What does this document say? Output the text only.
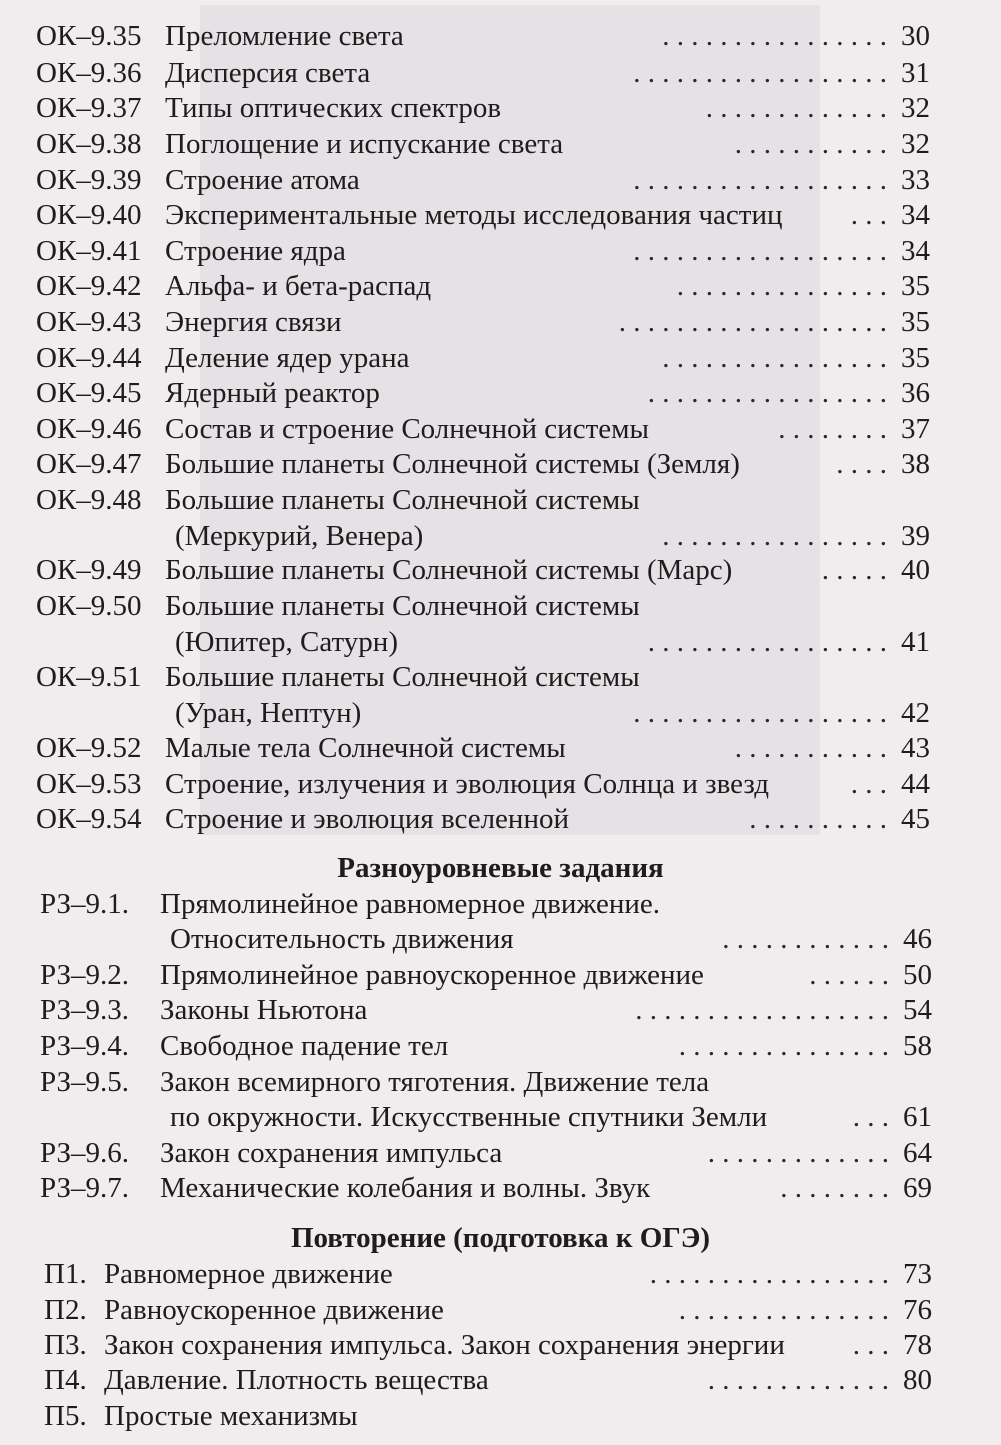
ОК–9.35 Преломление света	30
. . . . . . . . . . . . . . . .
ОК–9.36 Дисперсия света	31
. . . . . . . . . . . . . . . . . .
ОК–9.37 Типы оптических спектров	32
. . . . . . . . . . . . .
ОК–9.38 Поглощение и испускание света	32
. . . . . . . . . . .
ОК–9.39 Строение атома	33
. . . . . . . . . . . . . . . . . .
ОК–9.40 Экспериментальные методы исследования частиц	34
. . .
ОК–9.41 Строение ядра	34
. . . . . . . . . . . . . . . . . .
ОК–9.42 Альфа- и бета-распад	35
. . . . . . . . . . . . . . .
ОК–9.43 Энергия связи	35
. . . . . . . . . . . . . . . . . . .
ОК–9.44 Деление ядер урана	35
. . . . . . . . . . . . . . . .
ОК–9.45 Ядерный реактор	36
. . . . . . . . . . . . . . . . .
ОК–9.46 Состав и строение Солнечной системы	37
. . . . . . . .
ОК–9.47 Большие планеты Солнечной системы (Земля)	38
. . . .
ОК–9.48 Большие планеты Солнечной системы
(Меркурий, Венера)	39
. . . . . . . . . . . . . . . .
ОК–9.49 Большие планеты Солнечной системы (Марс)	40
. . . . .
ОК–9.50 Большие планеты Солнечной системы
(Юпитер, Сатурн)	41
. . . . . . . . . . . . . . . . .
ОК–9.51 Большие планеты Солнечной системы
(Уран, Нептун)	42
. . . . . . . . . . . . . . . . . .
ОК–9.52 Малые тела Солнечной системы	43
. . . . . . . . . . .
ОК–9.53 Строение, излучения и эволюция Солнца и звезд	44
. . .
ОК–9.54 Строение и эволюция вселенной	45
. . . . . . . . . .
Разноуровневые задания
РЗ–9.1. Прямолинейное равномерное движение.
Относительность движения	46
. . . . . . . . . . . .
РЗ–9.2. Прямолинейное равноускоренное движение	50
. . . . . .
РЗ–9.3. Законы Ньютона	54
. . . . . . . . . . . . . . . . . .
РЗ–9.4. Свободное падение тел	58
. . . . . . . . . . . . . . .
РЗ–9.5. Закон всемирного тяготения. Движение тела
по окружности. Искусственные спутники Земли	61
. . .
РЗ–9.6. Закон сохранения импульса	64
. . . . . . . . . . . . .
РЗ–9.7. Механические колебания и волны. Звук	69
. . . . . . . .
Повторение (подготовка к ОГЭ)
П1. Равномерное движение	73
. . . . . . . . . . . . . . . . .
П2. Равноускоренное движение	76
. . . . . . . . . . . . . . .
П3. Закон сохранения импульса. Закон сохранения энергии	78
. . .
П4. Давление. Плотность вещества	80
. . . . . . . . . . . . .
П5. Простые механизмы
